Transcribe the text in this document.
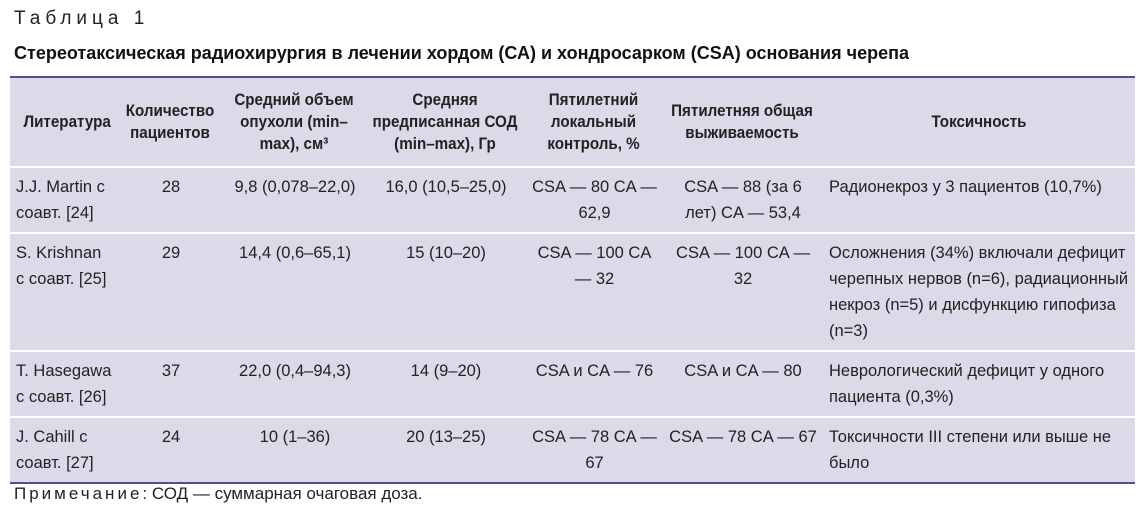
Таблица 1
Стереотаксическая радиохирургия в лечении хордом (СА) и хондросарком (CSA) основания черепа
Литература	Количество пациентов	Средний объем опухоли (min–max), см³	Средняя предписанная СОД (min–max), Гр	Пятилетний локальный контроль, %	Пятилетняя общая выживаемость	Токсичность
J.J. Martin с соавт. [24]	28	9,8 (0,078–22,0)	16,0 (10,5–25,0)	CSA — 80 CA — 62,9	CSA — 88 (за 6 лет) CA — 53,4	Радионекроз у 3 пациентов (10,7%)
S. Krishnan с соавт. [25]	29	14,4 (0,6–65,1)	15 (10–20)	CSA — 100 CA — 32	CSA — 100 CA — 32	Осложнения (34%) включали дефицит черепных нервов (n=6), радиационный некроз (n=5) и дисфункцию гипофиза (n=3)
T. Hasegawa с соавт. [26]	37	22,0 (0,4–94,3)	14 (9–20)	CSA и CA — 76	CSA и CA — 80	Неврологический дефицит у одного пациента (0,3%)
J. Cahill с соавт. [27]	24	10 (1–36)	20 (13–25)	CSA — 78 CA — 67	CSA — 78 CA — 67	Токсичности III степени или выше не было
Примечание: СОД — суммарная очаговая доза.
